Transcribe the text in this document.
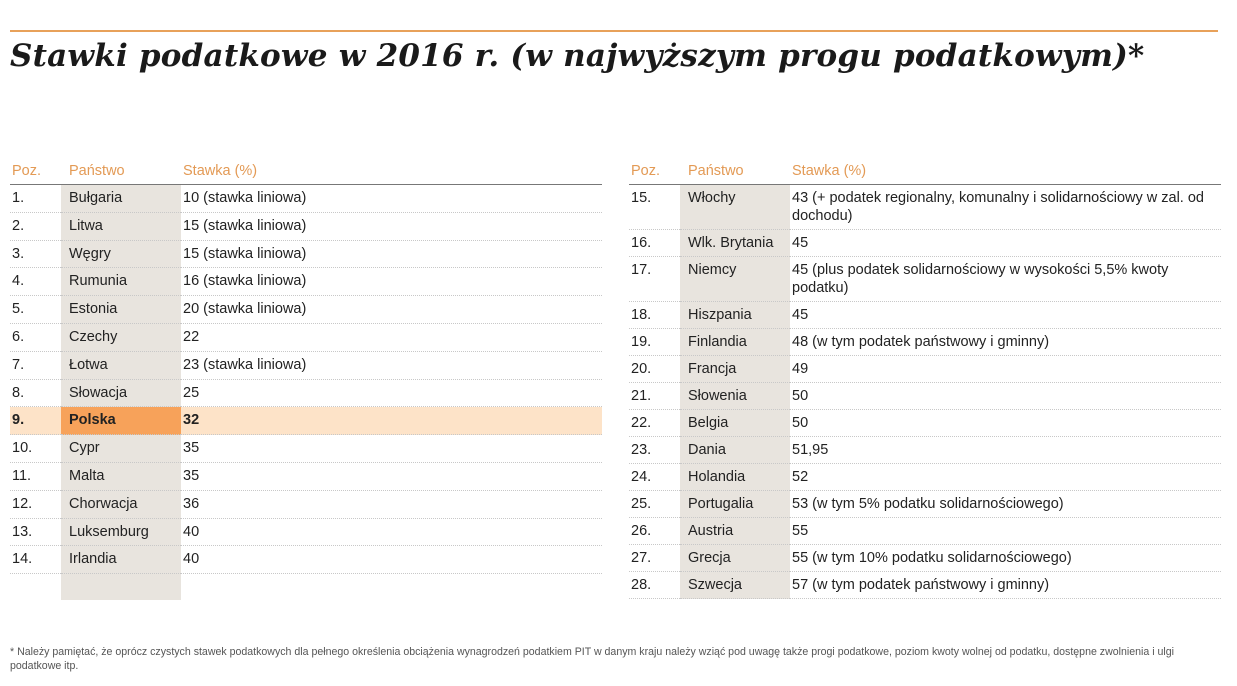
Stawki podatkowe w 2016 r. (w najwyższym progu podatkowym)*
Poz.	Państwo	Stawka (%)
1.	Bułgaria	10 (stawka liniowa)
2.	Litwa	15 (stawka liniowa)
3.	Węgry	15 (stawka liniowa)
4.	Rumunia	16 (stawka liniowa)
5.	Estonia	20 (stawka liniowa)
6.	Czechy	22
7.	Łotwa	23 (stawka liniowa)
8.	Słowacja	25
9.	Polska	32
10.	Cypr	35
11.	Malta	35
12.	Chorwacja	36
13.	Luksemburg	40
14.	Irlandia	40

Poz.	Państwo	Stawka (%)
15.	Włochy	43 (+ podatek regionalny, komunalny i solidarnościowy w zal. od dochodu)
16.	Wlk. Brytania	45
17.	Niemcy	45 (plus podatek solidarnościowy w wysokości 5,5% kwoty podatku)
18.	Hiszpania	45
19.	Finlandia	48 (w tym podatek państwowy i gminny)
20.	Francja	49
21.	Słowenia	50
22.	Belgia	50
23.	Dania	51,95
24.	Holandia	52
25.	Portugalia	53 (w tym 5% podatku solidarnościowego)
26.	Austria	55
27.	Grecja	55 (w tym 10% podatku solidarnościowego)
28.	Szwecja	57 (w tym podatek państwowy i gminny)

* Należy pamiętać, że oprócz czystych stawek podatkowych dla pełnego określenia obciążenia wynagrodzeń podatkiem PIT w danym kraju należy wziąć pod uwagę także progi podatkowe, poziom kwoty wolnej od podatku, dostępne zwolnienia i ulgi podatkowe itp.
